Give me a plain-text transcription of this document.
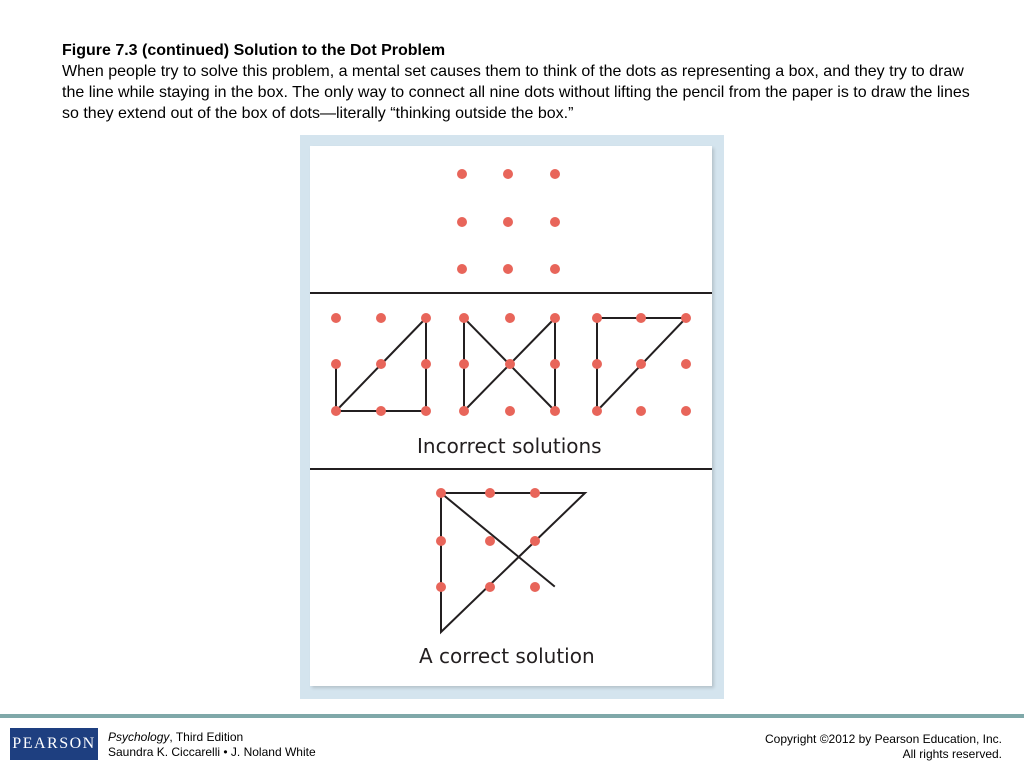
Figure 7.3 (continued) Solution to the Dot Problem
When people try to solve this problem, a mental set causes them to think of the dots as representing a box, and they try to draw the line while staying in the box. The only way to connect all nine dots without lifting the pencil from the paper is to draw the lines so they extend out of the box of dots—literally “thinking outside the box.”
Incorrect solutions
A correct solution
PEARSON Psychology, Third Edition
Saundra K. Ciccarelli • J. Noland White
Copyright ©2012 by Pearson Education, Inc.
All rights reserved.
